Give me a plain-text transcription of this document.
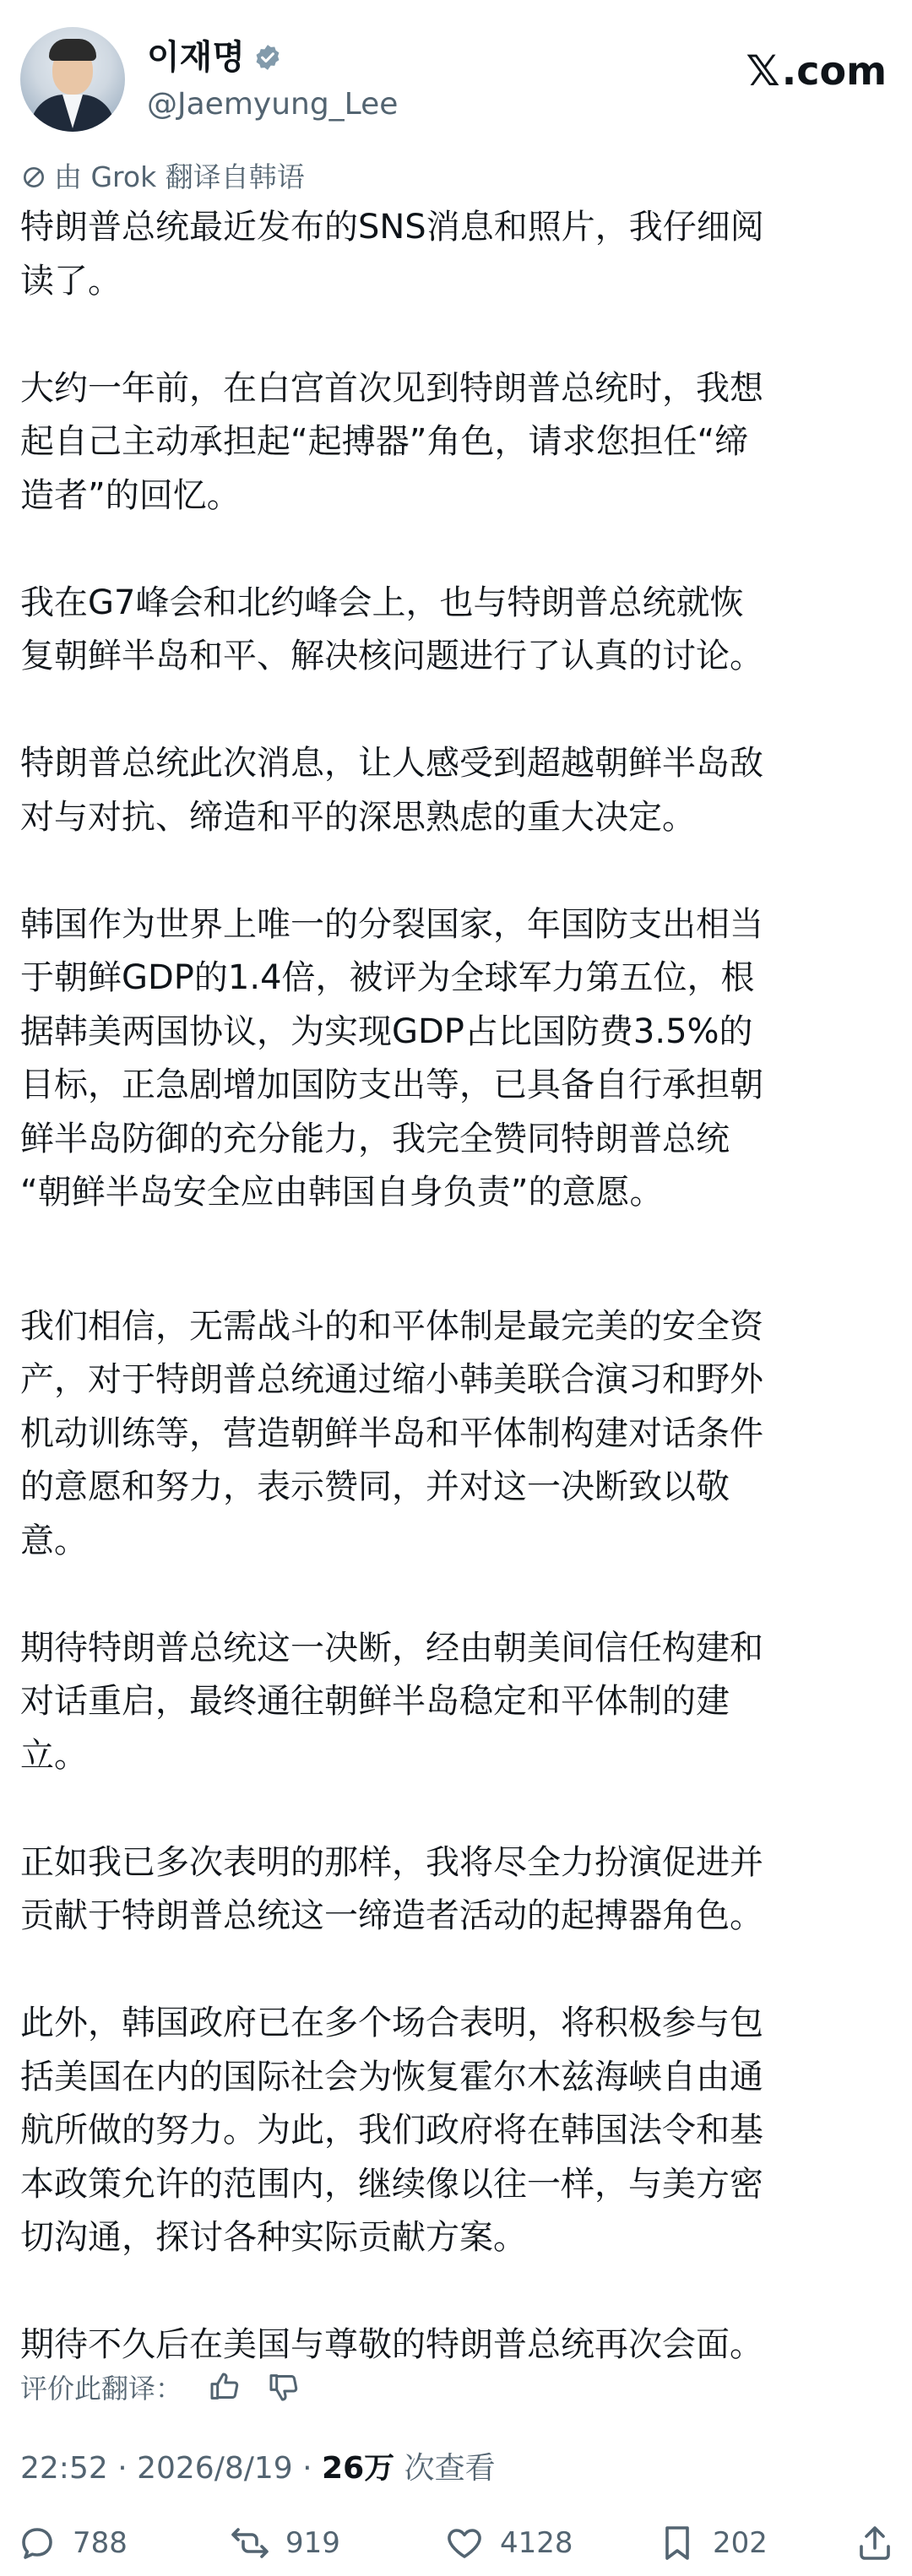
이재명
@Jaemyung_Lee
𝕏 .com
由 Grok 翻译自韩语

特朗普总统最近发布的SNS消息和照片，我仔细阅
读了。

大约一年前，在白宫首次见到特朗普总统时，我想
起自己主动承担起“起搏器”角色，请求您担任“缔
造者”的回忆。

我在G7峰会和北约峰会上，也与特朗普总统就恢
复朝鲜半岛和平、解决核问题进行了认真的讨论。

特朗普总统此次消息，让人感受到超越朝鲜半岛敌
对与对抗、缔造和平的深思熟虑的重大决定。

韩国作为世界上唯一的分裂国家，年国防支出相当
于朝鲜GDP的1.4倍，被评为全球军力第五位，根
据韩美两国协议，为实现GDP占比国防费3.5%的
目标，正急剧增加国防支出等，已具备自行承担朝
鲜半岛防御的充分能力，我完全赞同特朗普总统
“朝鲜半岛安全应由韩国自身负责”的意愿。

我们相信，无需战斗的和平体制是最完美的安全资
产，对于特朗普总统通过缩小韩美联合演习和野外
机动训练等，营造朝鲜半岛和平体制构建对话条件
的意愿和努力，表示赞同，并对这一决断致以敬
意。

期待特朗普总统这一决断，经由朝美间信任构建和
对话重启，最终通往朝鲜半岛稳定和平体制的建
立。

正如我已多次表明的那样，我将尽全力扮演促进并
贡献于特朗普总统这一缔造者活动的起搏器角色。

此外，韩国政府已在多个场合表明，将积极参与包
括美国在内的国际社会为恢复霍尔木兹海峡自由通
航所做的努力。为此，我们政府将在韩国法令和基
本政策允许的范围内，继续像以往一样，与美方密
切沟通，探讨各种实际贡献方案。

期待不久后在美国与尊敬的特朗普总统再次会面。

评价此翻译：
22:52 · 2026/8/19 · 26万 次查看
788	919	4128	202
